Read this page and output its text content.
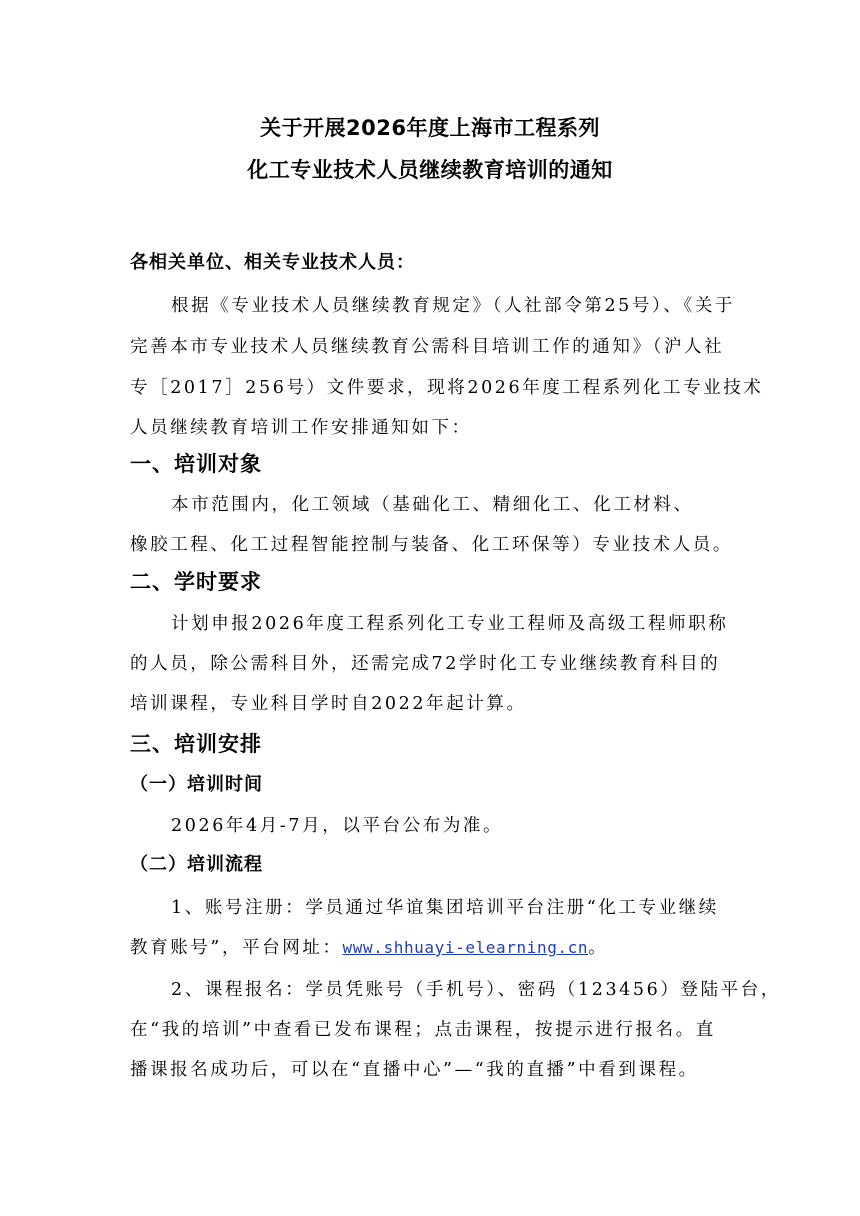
关于开展2026年度上海市工程系列
化工专业技术人员继续教育培训的通知
各相关单位、相关专业技术人员：
根据《专业技术人员继续教育规定》（人社部令第25号）、《关于
完善本市专业技术人员继续教育公需科目培训工作的通知》（沪人社
专［2017］256号）文件要求，现将2026年度工程系列化工专业技术
人员继续教育培训工作安排通知如下：
一、培训对象
本市范围内，化工领域（基础化工、精细化工、化工材料、
橡胶工程、化工过程智能控制与装备、化工环保等）专业技术人员。
二、学时要求
计划申报2026年度工程系列化工专业工程师及高级工程师职称
的人员，除公需科目外，还需完成72学时化工专业继续教育科目的
培训课程，专业科目学时自2022年起计算。
三、培训安排
（一）培训时间
2026年4月-7月，以平台公布为准。
（二）培训流程
1、账号注册：学员通过华谊集团培训平台注册“化工专业继续
教育账号”，平台网址：www.shhuayi-elearning.cn。
2、课程报名：学员凭账号（手机号）、密码（123456）登陆平台，
在“我的培训”中查看已发布课程；点击课程，按提示进行报名。直
播课报名成功后，可以在“直播中心”—“我的直播”中看到课程。
